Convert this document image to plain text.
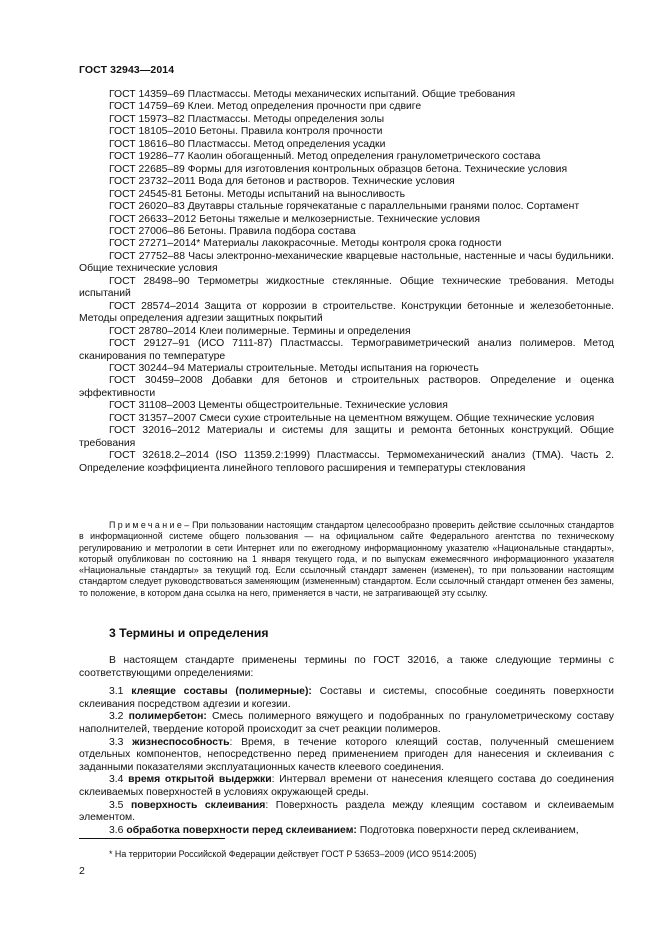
ГОСТ 32943—2014

ГОСТ 14359–69 Пластмассы. Методы механических испытаний. Общие требования

ГОСТ 14759–69 Клеи. Метод определения прочности при сдвиге

ГОСТ 15973–82 Пластмассы. Методы определения золы

ГОСТ 18105–2010 Бетоны. Правила контроля прочности

ГОСТ 18616–80 Пластмассы. Метод определения усадки

ГОСТ 19286–77 Каолин обогащенный. Метод определения гранулометрического состава

ГОСТ 22685–89 Формы для изготовления контрольных образцов бетона. Технические условия

ГОСТ 23732–2011 Вода для бетонов и растворов. Технические условия

ГОСТ 24545-81 Бетоны. Методы испытаний на выносливость

ГОСТ 26020–83 Двутавры стальные горячекатаные с параллельными гранями полос. Сортамент

ГОСТ 26633–2012 Бетоны тяжелые и мелкозернистые. Технические условия

ГОСТ 27006–86 Бетоны. Правила подбора состава

ГОСТ 27271–2014* Материалы лакокрасочные. Методы контроля срока годности

ГОСТ 27752–88 Часы электронно-механические кварцевые настольные, настенные и часы будильники. Общие технические условия

ГОСТ 28498–90 Термометры жидкостные стеклянные. Общие технические требования. Методы испытаний

ГОСТ 28574–2014 Защита от коррозии в строительстве. Конструкции бетонные и железобетонные. Методы определения адгезии защитных покрытий

ГОСТ 28780–2014 Клеи полимерные. Термины и определения

ГОСТ 29127–91 (ИСО 7111-87) Пластмассы. Термогравиметрический анализ полимеров. Метод сканирования по температуре

ГОСТ 30244–94 Материалы строительные. Методы испытания на горючесть

ГОСТ 30459–2008 Добавки для бетонов и строительных растворов. Определение и оценка эффективности

ГОСТ 31108–2003 Цементы общестроительные. Технические условия

ГОСТ 31357–2007 Смеси сухие строительные на цементном вяжущем. Общие технические условия

ГОСТ 32016–2012 Материалы и системы для защиты и ремонта бетонных конструкций. Общие требования

ГОСТ 32618.2–2014 (ISO 11359.2:1999) Пластмассы. Термомеханический анализ (ТМА). Часть 2. Определение коэффициента линейного теплового расширения и температуры стеклования

Примечание– При пользовании настоящим стандартом целесообразно проверить действие ссылочных стандартов в информационной системе общего пользования — на официальном сайте Федерального агентства по техническому регулированию и метрологии в сети Интернет или по ежегодному информационному указателю «Национальные стандарты», который опубликован по состоянию на 1 января текущего года, и по выпускам ежемесячного информационного указателя «Национальные стандарты» за текущий год. Если ссылочный стандарт заменен (изменен), то при пользовании настоящим стандартом следует руководствоваться заменяющим (измененным) стандартом. Если ссылочный стандарт отменен без замены, то положение, в котором дана ссылка на него, применяется в части, не затрагивающей эту ссылку.
3 Термины и определения

В настоящем стандарте применены термины по ГОСТ 32016, а также следующие термины с соответствующими определениями:

3.1 клеящие составы (полимерные): Составы и системы, способные соединять поверхности склеивания посредством адгезии и когезии.

3.2 полимербетон: Смесь полимерного вяжущего и подобранных по гранулометрическому составу наполнителей, твердение которой происходит за счет реакции полимеров.

3.3 жизнеспособность: Время, в течение которого клеящий состав, полученный смешением отдельных компонентов, непосредственно перед применением пригоден для нанесения и склеивания с заданными показателями эксплуатационных качеств клеевого соединения.

3.4 время открытой выдержки: Интервал времени от нанесения клеящего состава до соединения склеиваемых поверхностей в условиях окружающей среды.

3.5 поверхность склеивания: Поверхность раздела между клеящим составом и склеиваемым элементом.

3.6 обработка поверхности перед склеиванием: Подготовка поверхности перед склеиванием,

* На территории Российской Федерации действует ГОСТ Р 53653–2009 (ИСО 9514:2005)
2
